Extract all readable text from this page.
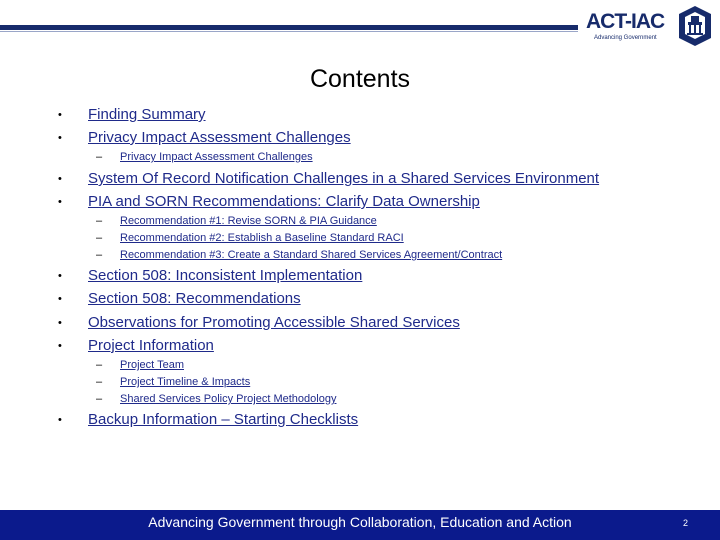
ACT-IAC
Advancing Government
Contents
•	Finding Summary
•	Privacy Impact Assessment Challenges
– Privacy Impact Assessment Challenges
•	System Of Record Notification Challenges in a Shared Services Environment
•	PIA and SORN Recommendations: Clarify Data Ownership
– Recommendation #1: Revise SORN & PIA Guidance
– Recommendation #2: Establish a Baseline Standard RACI
– Recommendation #3: Create a Standard Shared Services Agreement/Contract
•	Section 508: Inconsistent Implementation
•	Section 508: Recommendations
•	Observations for Promoting Accessible Shared Services
•	Project Information
– Project Team
– Project Timeline & Impacts
– Shared Services Policy Project Methodology
•	Backup Information – Starting Checklists
Advancing Government through Collaboration, Education and Action	2
